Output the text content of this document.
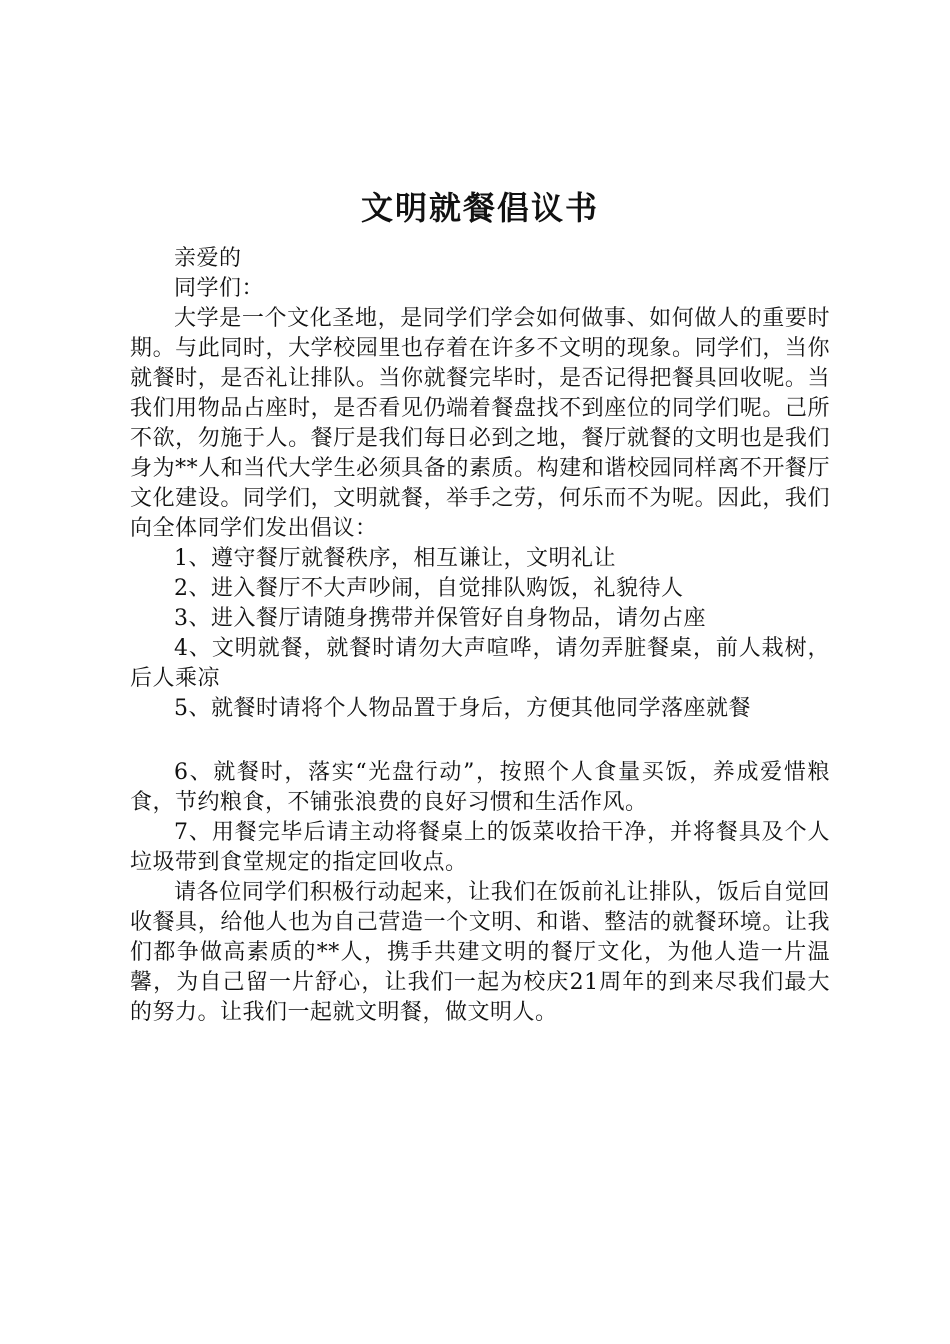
文明就餐倡议书

亲爱的

同学们：

大学是一个文化圣地，是同学们学会如何做事、如何做人的重要时期。与此同时，大学校园里也存着在许多不文明的现象。同学们，当你就餐时，是否礼让排队。当你就餐完毕时，是否记得把餐具回收呢。当我们用物品占座时，是否看见仍端着餐盘找不到座位的同学们呢。己所不欲，勿施于人。餐厅是我们每日必到之地，餐厅就餐的文明也是我们身为**人和当代大学生必须具备的素质。构建和谐校园同样离不开餐厅文化建设。同学们，文明就餐，举手之劳，何乐而不为呢。因此，我们向全体同学们发出倡议：

1、遵守餐厅就餐秩序，相互谦让，文明礼让

2、进入餐厅不大声吵闹，自觉排队购饭，礼貌待人

3、进入餐厅请随身携带并保管好自身物品，请勿占座

4、文明就餐，就餐时请勿大声喧哗，请勿弄脏餐桌，前人栽树，后人乘凉

5、就餐时请将个人物品置于身后，方便其他同学落座就餐

6、就餐时，落实“光盘行动”，按照个人食量买饭，养成爱惜粮食，节约粮食，不铺张浪费的良好习惯和生活作风。

7、用餐完毕后请主动将餐桌上的饭菜收拾干净，并将餐具及个人垃圾带到食堂规定的指定回收点。

请各位同学们积极行动起来，让我们在饭前礼让排队，饭后自觉回收餐具，给他人也为自己营造一个文明、和谐、整洁的就餐环境。让我们都争做高素质的**人，携手共建文明的餐厅文化，为他人造一片温馨，为自己留一片舒心，让我们一起为校庆21周年的到来尽我们最大的努力。让我们一起就文明餐，做文明人。
